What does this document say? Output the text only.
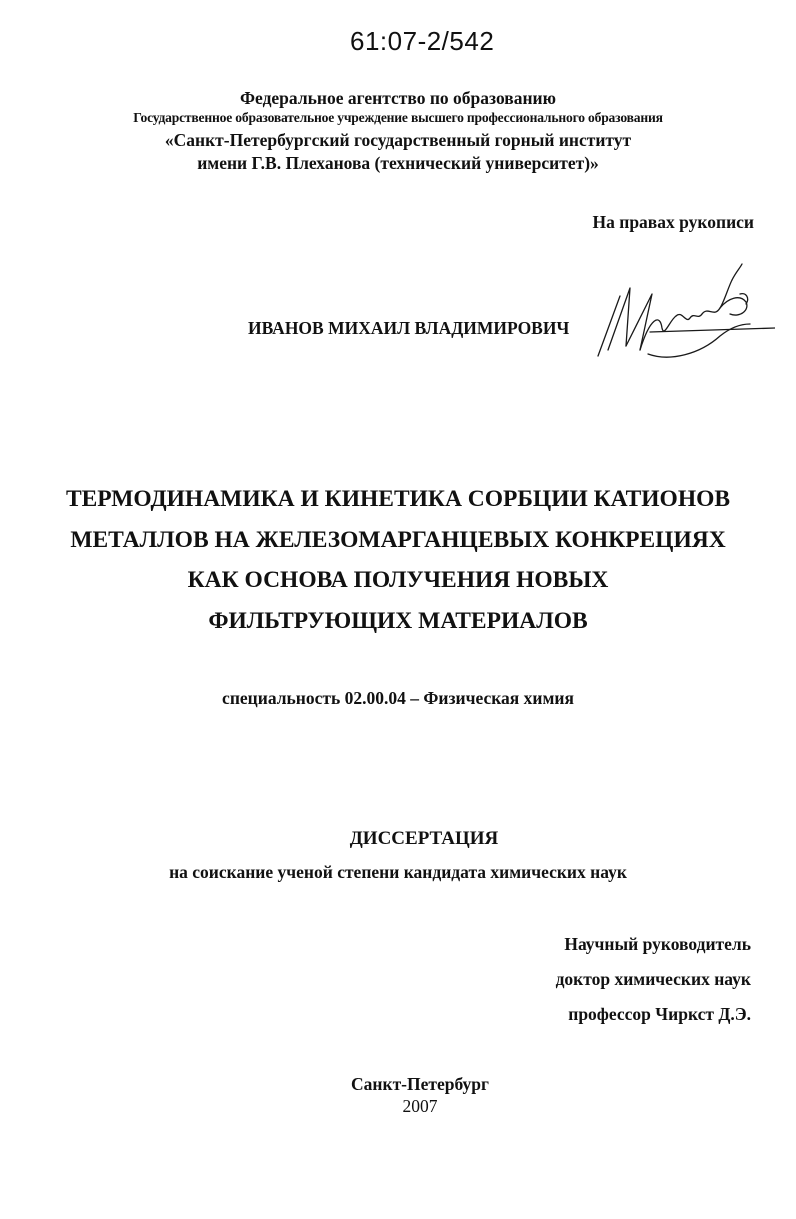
61:07-2/542
Федеральное агентство по образованию
Государственное образовательное учреждение высшего профессионального образования
«Санкт-Петербургский государственный горный институт
имени Г.В. Плеханова (технический университет)»
На правах рукописи
ИВАНОВ МИХАИЛ ВЛАДИМИРОВИЧ
ТЕРМОДИНАМИКА И КИНЕТИКА СОРБЦИИ КАТИОНОВ
МЕТАЛЛОВ НА ЖЕЛЕЗОМАРГАНЦЕВЫХ КОНКРЕЦИЯХ
КАК ОСНОВА ПОЛУЧЕНИЯ НОВЫХ
ФИЛЬТРУЮЩИХ МАТЕРИАЛОВ
специальность 02.00.04 – Физическая химия
ДИССЕРТАЦИЯ
на соискание ученой степени кандидата химических наук
Научный руководитель
доктор химических наук
профессор Чиркст Д.Э.
Санкт-Петербург
2007
